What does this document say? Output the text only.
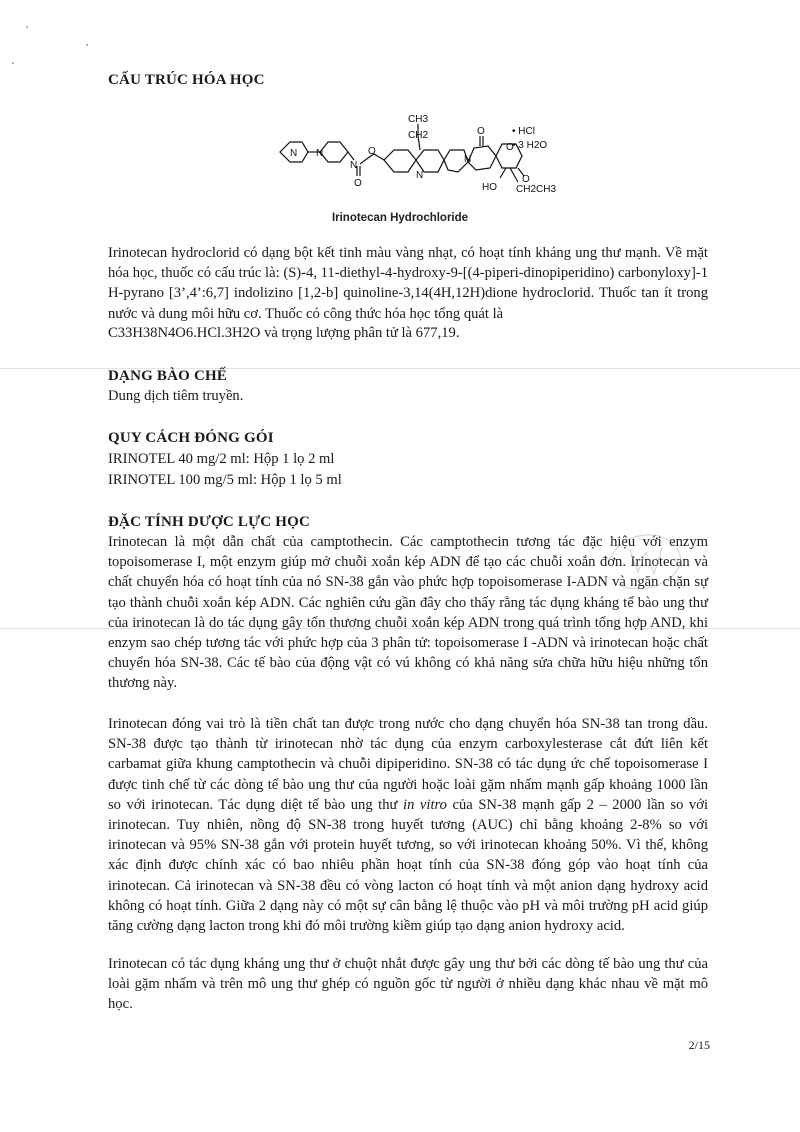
CẤU TRÚC HÓA HỌC
CH3
CH2	• HCl
• 3 H2O
N N
N
N
N
O
O
O
O
O
HO CH2CH3
Irinotecan Hydrochloride

Irinotecan hydroclorid có dạng bột kết tinh màu vàng nhạt, có hoạt tính kháng ung thư mạnh. Về mặt hóa học, thuốc có cấu trúc là: (S)-4, 11-diethyl-4-hydroxy-9-[(4-piperi-dinopiperidino) carbonyloxy]-1 H-pyrano [3’,4’:6,7] indolizino [1,2-b] quinoline-3,14(4H,12H)dione hydroclorid. Thuốc tan ít trong nước và dung môi hữu cơ. Thuốc có công thức hóa học tổng quát là

C33H38N4O6.HCl.3H2O và trọng lượng phân tử là 677,19.

DẠNG BÀO CHẾ

Dung dịch tiêm truyền.

QUY CÁCH ĐÓNG GÓI

IRINOTEL 40 mg/2 ml: Hộp 1 lọ 2 ml

IRINOTEL 100 mg/5 ml: Hộp 1 lọ 5 ml

ĐẶC TÍNH DƯỢC LỰC HỌC

Irinotecan là một dẫn chất của camptothecin. Các camptothecin tương tác đặc hiệu với enzym topoisomerase I, một enzym giúp mở chuỗi xoắn kép ADN để tạo các chuỗi xoắn đơn. Irinotecan và chất chuyển hóa có hoạt tính của nó SN-38 gắn vào phức hợp topoisomerase I-ADN và ngăn chặn sự tạo thành chuỗi xoắn kép ADN. Các nghiên cứu gần đây cho thấy rằng tác dụng kháng tế bào ung thư của irinotecan là do tác dụng gây tổn thương chuỗi xoắn kép ADN trong quá trình tổng hợp AND, khi enzym sao chép tương tác với phức hợp của 3 phân tử: topoisomerase I -ADN và irinotecan hoặc chất chuyển hóa SN-38. Các tế bào của động vật có vú không có khả năng sửa chữa hữu hiệu những tổn thương này.

Irinotecan đóng vai trò là tiền chất tan được trong nước cho dạng chuyển hóa SN-38 tan trong dầu. SN-38 được tạo thành từ irinotecan nhờ tác dụng của enzym carboxylesterase cắt đứt liên kết carbamat giữa khung camptothecin và chuỗi dipiperidino. SN-38 có tác dụng ức chế topoisomerase I được tinh chế từ các dòng tế bào ung thư của người hoặc loài gặm nhấm mạnh gấp khoảng 1000 lần so với irinotecan. Tác dụng diệt tế bào ung thư in vitro của SN-38 mạnh gấp 2 – 2000 lần so với irinotecan. Tuy nhiên, nồng độ SN-38 trong huyết tương (AUC) chỉ bằng khoảng 2-8% so với irinotecan và 95% SN-38 gắn với protein huyết tương, so với irinotecan khoảng 50%. Vì thế, không xác định được chính xác có bao nhiêu phần hoạt tính của SN-38 đóng góp vào hoạt tính của irinotecan. Cả irinotecan và SN-38 đều có vòng lacton có hoạt tính và một anion dạng hydroxy acid không có hoạt tính. Giữa 2 dạng này có một sự cân bằng lệ thuộc vào pH và môi trường pH acid giúp tăng cường dạng lacton trong khi đó môi trường kiềm giúp tạo dạng anion hydroxy acid.

Irinotecan có tác dụng kháng ung thư ở chuột nhắt được gây ung thư bởi các dòng tế bào ung thư của loài gặm nhấm và trên mô ung thư ghép có nguồn gốc từ người ở nhiều dạng khác nhau về mặt mô học.

2/15
